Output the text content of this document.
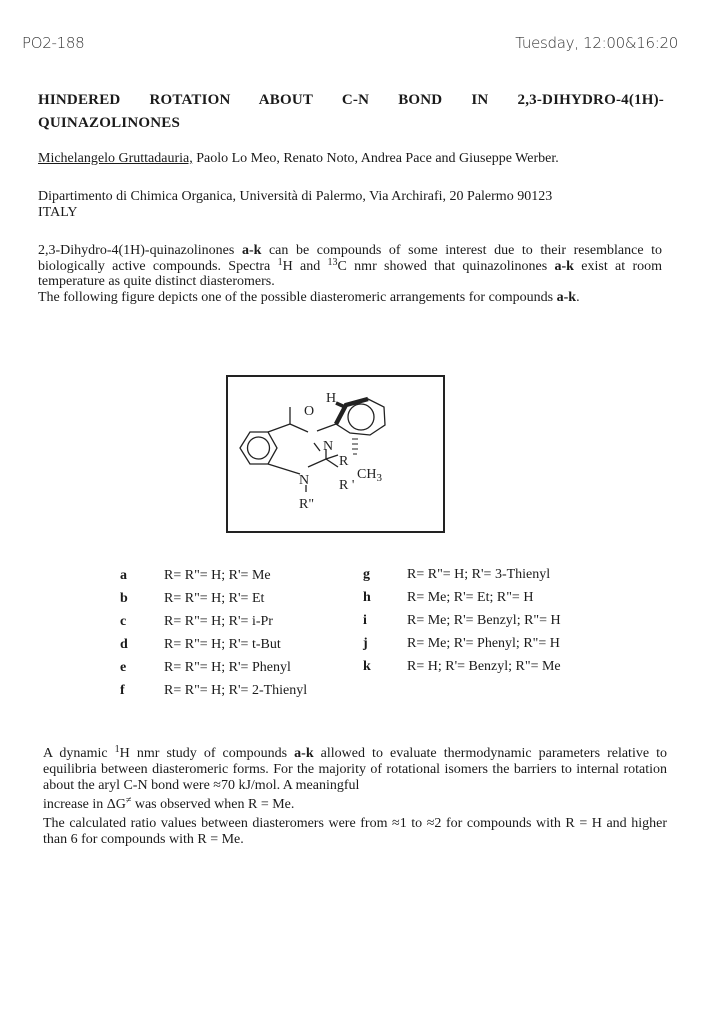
PO2-188	Tuesday, 12:00&16:20
HINDERED ROTATION ABOUT C-N BOND IN 2,3-DIHYDRO-4(1H)-
QUINAZOLINONES
Michelangelo Gruttadauria, Paolo Lo Meo, Renato Noto, Andrea Pace and Giuseppe Werber.
Dipartimento di Chimica Organica, Università di Palermo, Via Archirafi, 20 Palermo 90123
ITALY

2,3-Dihydro-4(1H)-quinazolinones a-k can be compounds of some interest due to their resemblance to biologically active compounds. Spectra $^1$H and $^{13}$C nmr showed that quinazolinones a-k exist at room temperature as quite distinct diasteromers.

The following figure depicts one of the possible diasteromeric arrangements for compounds a-k.

O
H
N
N
R
R '
R"
$CH_3$
a	R= R"= H; R'= Me
b	R= R"= H; R'= Et
c	R= R"= H; R'= i-Pr
d	R= R"= H; R'= t-But
e	R= R"= H; R'= Phenyl
f	R= R"= H; R'= 2-Thienyl
g	R= R"= H; R'= 3-Thienyl
h	R= Me; R'= Et; R"= H
i	R= Me; R'= Benzyl; R"= H
j	R= Me; R'= Phenyl; R"= H
k	R= H; R'= Benzyl; R"= Me

A dynamic $^1$H nmr study of compounds a-k allowed to evaluate thermodynamic parameters relative to equilibria between diasteromeric forms. For the majority of rotational isomers the barriers to internal rotation about the aryl C-N bond were ≈70 kJ/mol. A meaningful
increase in ΔG≠ was observed when R = Me.

The calculated ratio values between diasteromers were from ≈1 to ≈2 for compounds with R = H and higher than 6 for compounds with R = Me.
